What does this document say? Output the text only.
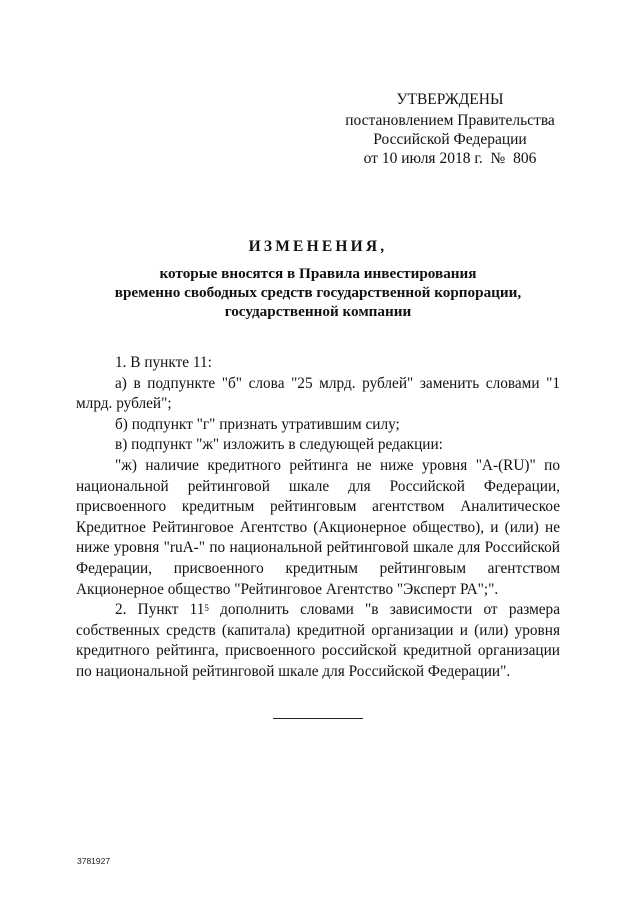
УТВЕРЖДЕНЫ
постановлением Правительства
Российской Федерации
от 10 июля 2018 г.  №  806
ИЗМЕНЕНИЯ,
которые вносятся в Правила инвестирования
временно свободных средств государственной корпорации,
государственной компании

1. В пункте 11:

а) в подпункте "б" слова "25 млрд. рублей" заменить словами "1 млрд. рублей";

б) подпункт "г" признать утратившим силу;

в) подпункт "ж" изложить в следующей редакции:

"ж) наличие кредитного рейтинга не ниже уровня "A-(RU)" по национальной рейтинговой шкале для Российской Федерации, присвоенного кредитным рейтинговым агентством Аналитическое Кредитное Рейтинговое Агентство (Акционерное общество), и (или) не ниже уровня "ruA-" по национальной рейтинговой шкале для Российской Федерации, присвоенного кредитным рейтинговым агентством Акционерное общество "Рейтинговое Агентство "Эксперт РА";".

2. Пункт $11^5$ дополнить словами "в зависимости от размера собственных средств (капитала) кредитной организации и (или) уровня кредитного рейтинга, присвоенного российской кредитной организации по национальной рейтинговой шкале для Российской Федерации".

3781927
